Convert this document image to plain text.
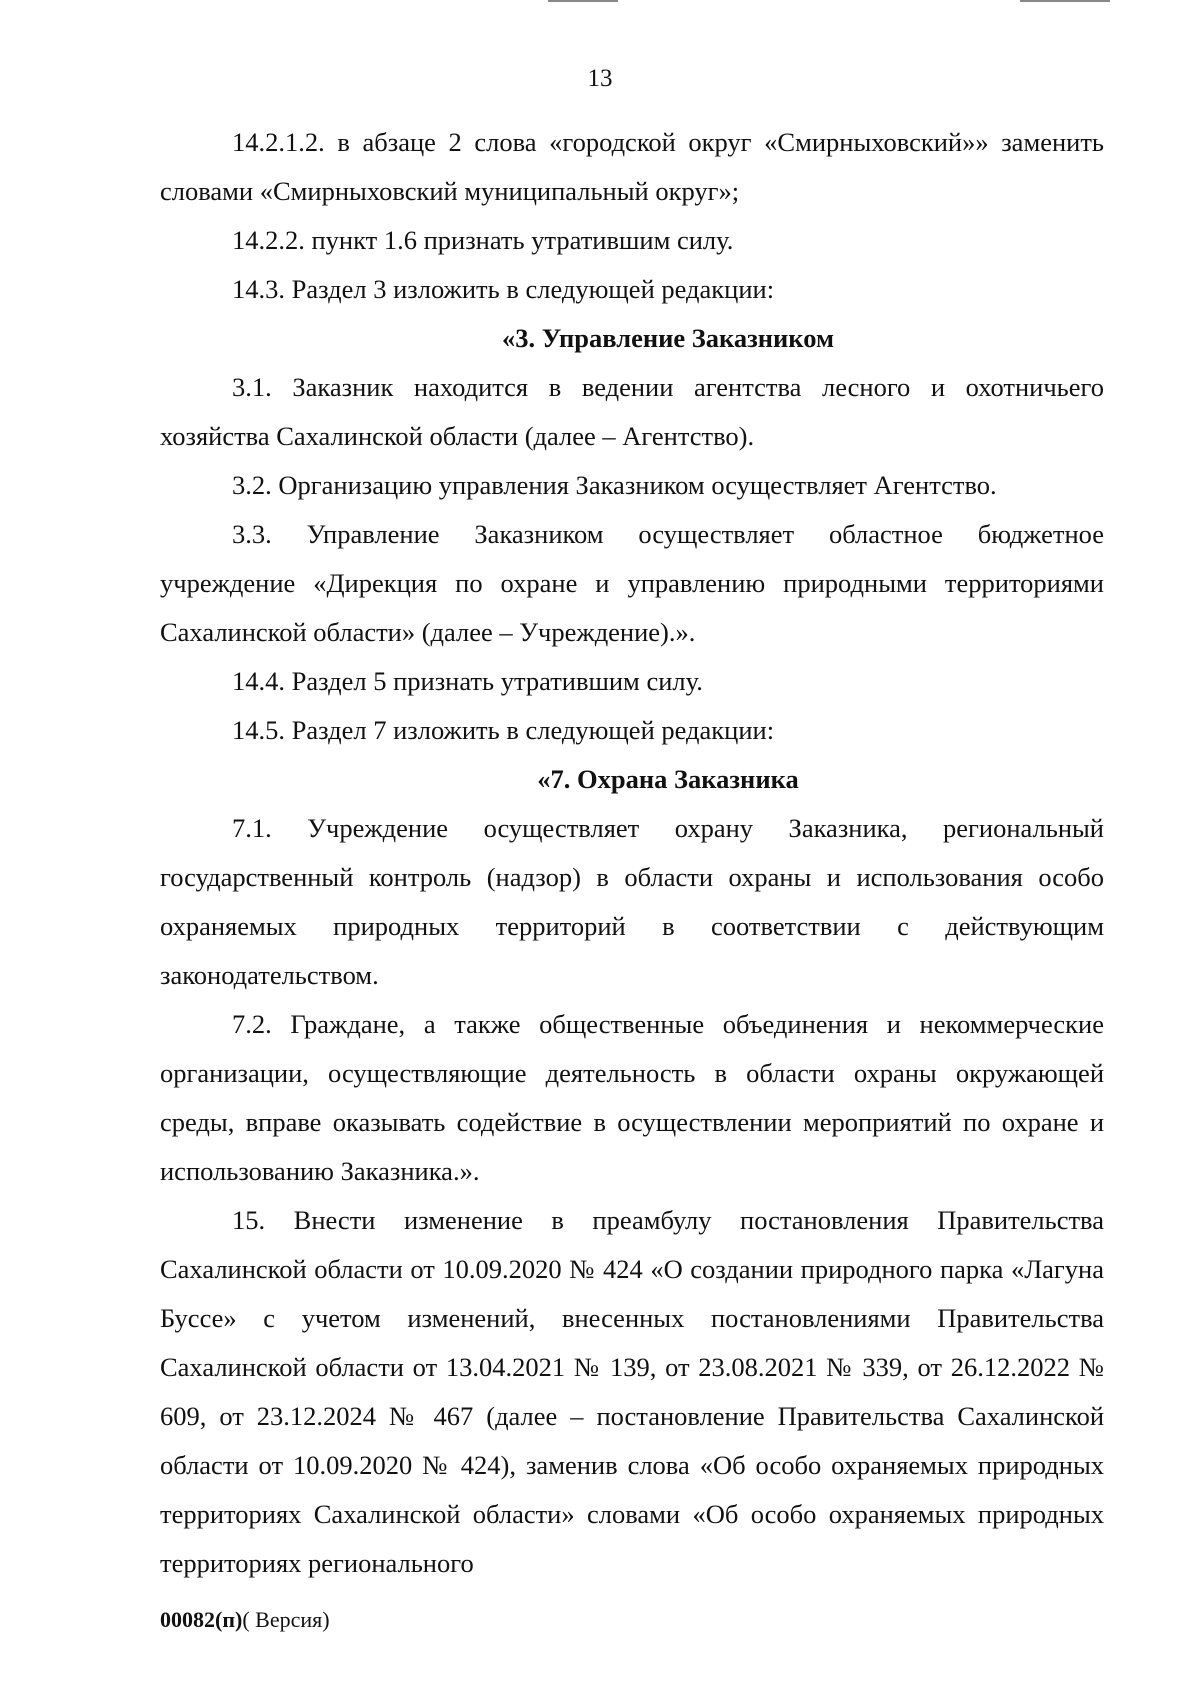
13

14.2.1.2. в абзаце 2 слова «городской округ «Смирныховский»» заменить словами «Смирныховский муниципальный округ»;

14.2.2. пункт 1.6 признать утратившим силу.

14.3. Раздел 3 изложить в следующей редакции:

«3. Управление Заказником

3.1. Заказник находится в ведении агентства лесного и охотничьего хозяйства Сахалинской области (далее – Агентство).

3.2. Организацию управления Заказником осуществляет Агентство.

3.3. Управление Заказником осуществляет областное бюджетное учреждение «Дирекция по охране и управлению природными территориями Сахалинской области» (далее – Учреждение).».

14.4. Раздел 5 признать утратившим силу.

14.5. Раздел 7 изложить в следующей редакции:

«7. Охрана Заказника

7.1. Учреждение осуществляет охрану Заказника, региональный государственный контроль (надзор) в области охраны и использования особо охраняемых природных территорий в соответствии с действующим законодательством.

7.2. Граждане, а также общественные объединения и некоммерческие организации, осуществляющие деятельность в области охраны окружающей среды, вправе оказывать содействие в осуществлении мероприятий по охране и использованию Заказника.».

15. Внести изменение в преамбулу постановления Правительства Сахалинской области от 10.09.2020 № 424 «О создании природного парка «Лагуна Буссе» с учетом изменений, внесенных постановлениями Правительства Сахалинской области от 13.04.2021 № 139, от 23.08.2021 № 339, от 26.12.2022 № 609, от 23.12.2024 № 467 (далее – постановление Правительства Сахалинской области от 10.09.2020 № 424), заменив слова «Об особо охраняемых природных территориях Сахалинской области» словами «Об особо охраняемых природных территориях регионального

00082(п)( Версия)
